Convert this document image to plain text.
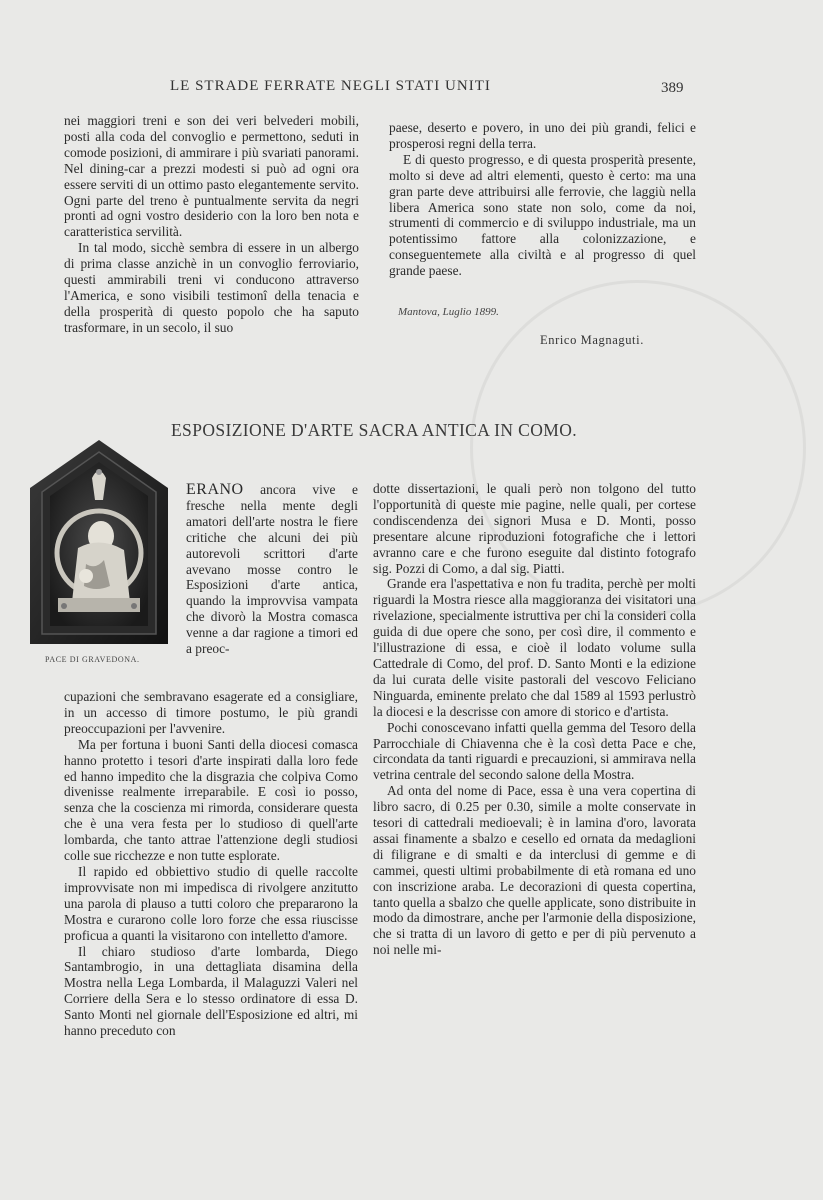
LE STRADE FERRATE NEGLI STATI UNITI	389

nei maggiori treni e son dei veri belvederi mobili, posti alla coda del convoglio e permettono, seduti in comode posizioni, di ammirare i più svariati panorami. Nel dining-car a prezzi modesti si può ad ogni ora essere serviti di un ottimo pasto elegantemente servito. Ogni parte del treno è puntualmente servita da negri pronti ad ogni vostro desiderio con la loro ben nota e caratteristica servilità.

In tal modo, sicchè sembra di essere in un albergo di prima classe anzichè in un convoglio ferroviario, questi ammirabili treni vi conducono attraverso l'America, e sono visibili testimonî della tenacia e della prosperità di questo popolo che ha saputo trasformare, in un secolo, il suo

paese, deserto e povero, in uno dei più grandi, felici e prosperosi regni della terra.

E di questo progresso, e di questa prosperità presente, molto si deve ad altri elementi, questo è certo: ma una gran parte deve attribuirsi alle ferrovie, che laggiù nella libera America sono state non solo, come da noi, strumenti di commercio e di sviluppo industriale, ma un potentissimo fattore alla colonizzazione, e conseguentemete alla civiltà e al progresso di quel grande paese.

Mantova, Luglio 1899.
Enrico Magnaguti.
ESPOSIZIONE D'ARTE SACRA ANTICA IN COMO.
PACE DI GRAVEDONA.
ERANO ancora vive e fresche nella mente degli amatori dell'arte nostra le fiere critiche che alcuni dei più autorevoli scrittori d'arte avevano mosse contro le Esposizioni d'arte antica, quando la improvvisa vampata che divorò la Mostra comasca venne a dar ragione a timori ed a preoc-

cupazioni che sembravano esagerate ed a consigliare, in un accesso di timore postumo, le più grandi preoccupazioni per l'avvenire.

Ma per fortuna i buoni Santi della diocesi comasca hanno protetto i tesori d'arte inspirati dalla loro fede ed hanno impedito che la disgrazia che colpiva Como divenisse realmente irreparabile. E così io posso, senza che la coscienza mi rimorda, considerare questa che è una vera festa per lo studioso di quell'arte lombarda, che tanto attrae l'attenzione degli studiosi colle sue ricchezze e non tutte esplorate.

Il rapido ed obbiettivo studio di quelle raccolte improvvisate non mi impedisca di rivolgere anzitutto una parola di plauso a tutti coloro che prepararono la Mostra e curarono colle loro forze che essa riuscisse proficua a quanti la visitarono con intelletto d'amore.

Il chiaro studioso d'arte lombarda, Diego Santambrogio, in una dettagliata disamina della Mostra nella Lega Lombarda, il Malaguzzi Valeri nel Corriere della Sera e lo stesso ordinatore di essa D. Santo Monti nel giornale dell'Esposizione ed altri, mi hanno preceduto con

dotte dissertazioni, le quali però non tolgono del tutto l'opportunità di queste mie pagine, nelle quali, per cortese condiscendenza dei signori Musa e D. Monti, posso presentare alcune riproduzioni fotografiche che i lettori avranno care e che furono eseguite dal distinto fotografo sig. Pozzi di Como, a dal sig. Piatti.

Grande era l'aspettativa e non fu tradita, perchè per molti riguardi la Mostra riesce alla maggioranza dei visitatori una rivelazione, specialmente istruttiva per chi la consideri colla guida di due opere che sono, per così dire, il commento e l'illustrazione di essa, e cioè il lodato volume sulla Cattedrale di Como, del prof. D. Santo Monti e la edizione da lui curata delle visite pastorali del vescovo Feliciano Ninguarda, eminente prelato che dal 1589 al 1593 perlustrò la diocesi e la descrisse con amore di storico e d'artista.

Pochi conoscevano infatti quella gemma del Tesoro della Parrocchiale di Chiavenna che è la così detta Pace e che, circondata da tanti riguardi e precauzioni, si ammirava nella vetrina centrale del secondo salone della Mostra.

Ad onta del nome di Pace, essa è una vera copertina di libro sacro, di 0.25 per 0.30, simile a molte conservate in tesori di cattedrali medioevali; è in lamina d'oro, lavorata assai finamente a sbalzo e cesello ed ornata da medaglioni di filigrane e di smalti e da interclusi di gemme e di cammei, questi ultimi probabilmente di età romana ed uno con inscrizione araba. Le decorazioni di questa copertina, tanto quella a sbalzo che quelle applicate, sono distribuite in modo da dimostrare, anche per l'armonie della disposizione, che si tratta di un lavoro di getto e per di più pervenuto a noi nelle mi-
